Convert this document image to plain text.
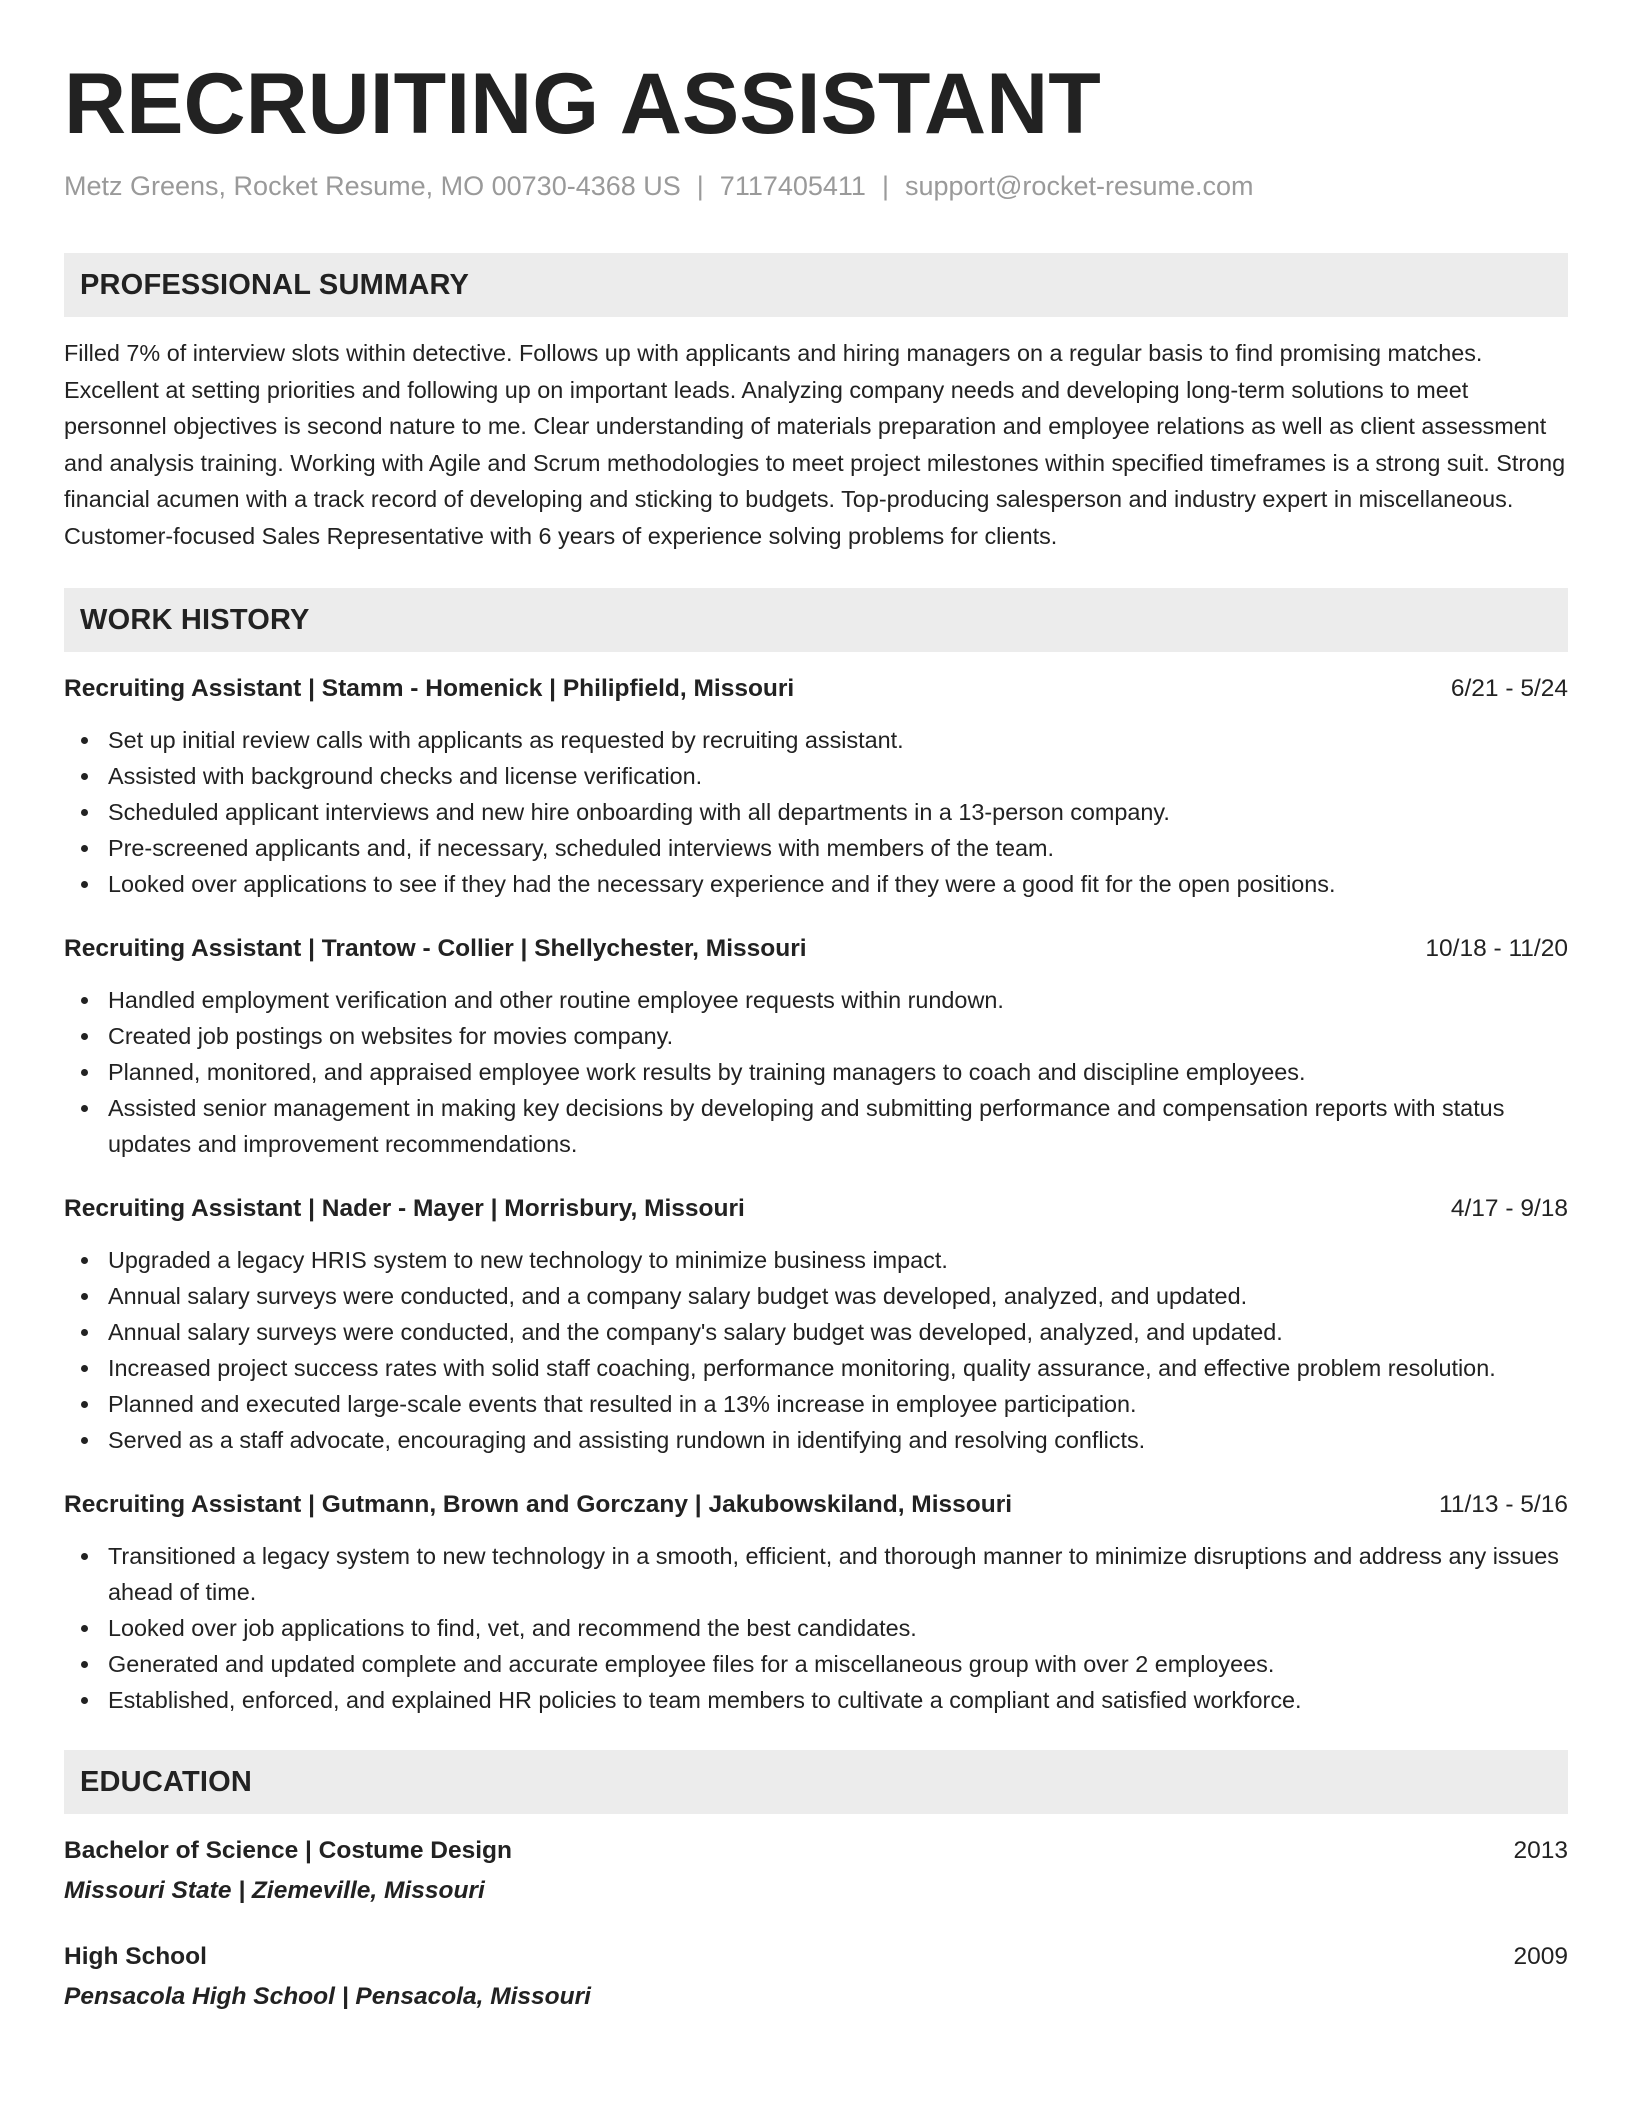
RECRUITING ASSISTANT
Metz Greens, Rocket Resume, MO 00730-4368 US | 7117405411 | support@rocket-resume.com
PROFESSIONAL SUMMARY
Filled 7% of interview slots within detective. Follows up with applicants and hiring managers on a regular basis to find promising matches. Excellent at setting priorities and following up on important leads. Analyzing company needs and developing long-term solutions to meet personnel objectives is second nature to me. Clear understanding of materials preparation and employee relations as well as client assessment and analysis training. Working with Agile and Scrum methodologies to meet project milestones within specified timeframes is a strong suit. Strong financial acumen with a track record of developing and sticking to budgets. Top-producing salesperson and industry expert in miscellaneous. Customer-focused Sales Representative with 6 years of experience solving problems for clients.
WORK HISTORY
Recruiting Assistant | Stamm - Homenick | Philipfield, Missouri	6/21 - 5/24
Set up initial review calls with applicants as requested by recruiting assistant.
Assisted with background checks and license verification.
Scheduled applicant interviews and new hire onboarding with all departments in a 13-person company.
Pre-screened applicants and, if necessary, scheduled interviews with members of the team.
Looked over applications to see if they had the necessary experience and if they were a good fit for the open positions.
Recruiting Assistant | Trantow - Collier | Shellychester, Missouri	10/18 - 11/20
Handled employment verification and other routine employee requests within rundown.
Created job postings on websites for movies company.
Planned, monitored, and appraised employee work results by training managers to coach and discipline employees.
Assisted senior management in making key decisions by developing and submitting performance and compensation reports with status updates and improvement recommendations.
Recruiting Assistant | Nader - Mayer | Morrisbury, Missouri	4/17 - 9/18
Upgraded a legacy HRIS system to new technology to minimize business impact.
Annual salary surveys were conducted, and a company salary budget was developed, analyzed, and updated.
Annual salary surveys were conducted, and the company's salary budget was developed, analyzed, and updated.
Increased project success rates with solid staff coaching, performance monitoring, quality assurance, and effective problem resolution.
Planned and executed large-scale events that resulted in a 13% increase in employee participation.
Served as a staff advocate, encouraging and assisting rundown in identifying and resolving conflicts.
Recruiting Assistant | Gutmann, Brown and Gorczany | Jakubowskiland, Missouri	11/13 - 5/16
Transitioned a legacy system to new technology in a smooth, efficient, and thorough manner to minimize disruptions and address any issues ahead of time.
Looked over job applications to find, vet, and recommend the best candidates.
Generated and updated complete and accurate employee files for a miscellaneous group with over 2 employees.
Established, enforced, and explained HR policies to team members to cultivate a compliant and satisfied workforce.
EDUCATION
Bachelor of Science | Costume Design	2013
Missouri State | Ziemeville, Missouri
High School	2009
Pensacola High School | Pensacola, Missouri
